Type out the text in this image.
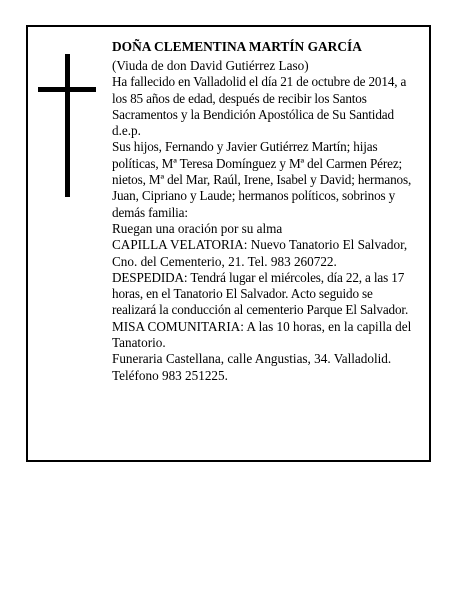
DOÑA CLEMENTINA MARTÍN GARCÍA

(Viuda de don David Gutiérrez Laso)

Ha fallecido en Valladolid el día 21 de octubre de 2014, a los 85 años de edad, después de recibir los Santos Sacramentos y la Bendición Apostólica de Su Santidad

d.e.p.

Sus hijos, Fernando y Javier Gutiérrez Martín; hijas políticas, Mª Teresa Domínguez y Mª del Carmen Pérez; nietos, Mª del Mar, Raúl, Irene, Isabel y David; hermanos, Juan, Cipriano y Laude; hermanos políticos, sobrinos y demás familia:

Ruegan una oración por su alma

CAPILLA VELATORIA: Nuevo Tanatorio El Salvador, Cno. del Cementerio, 21. Tel. 983 260722.

DESPEDIDA: Tendrá lugar el miércoles, día 22, a las 17 horas, en el Tanatorio El Salvador. Acto seguido se realizará la conducción al cementerio Parque El Salvador.

MISA COMUNITARIA: A las 10 horas, en la capilla del Tanatorio.

Funeraria Castellana, calle Angustias, 34. Valladolid. Teléfono 983 251225.
